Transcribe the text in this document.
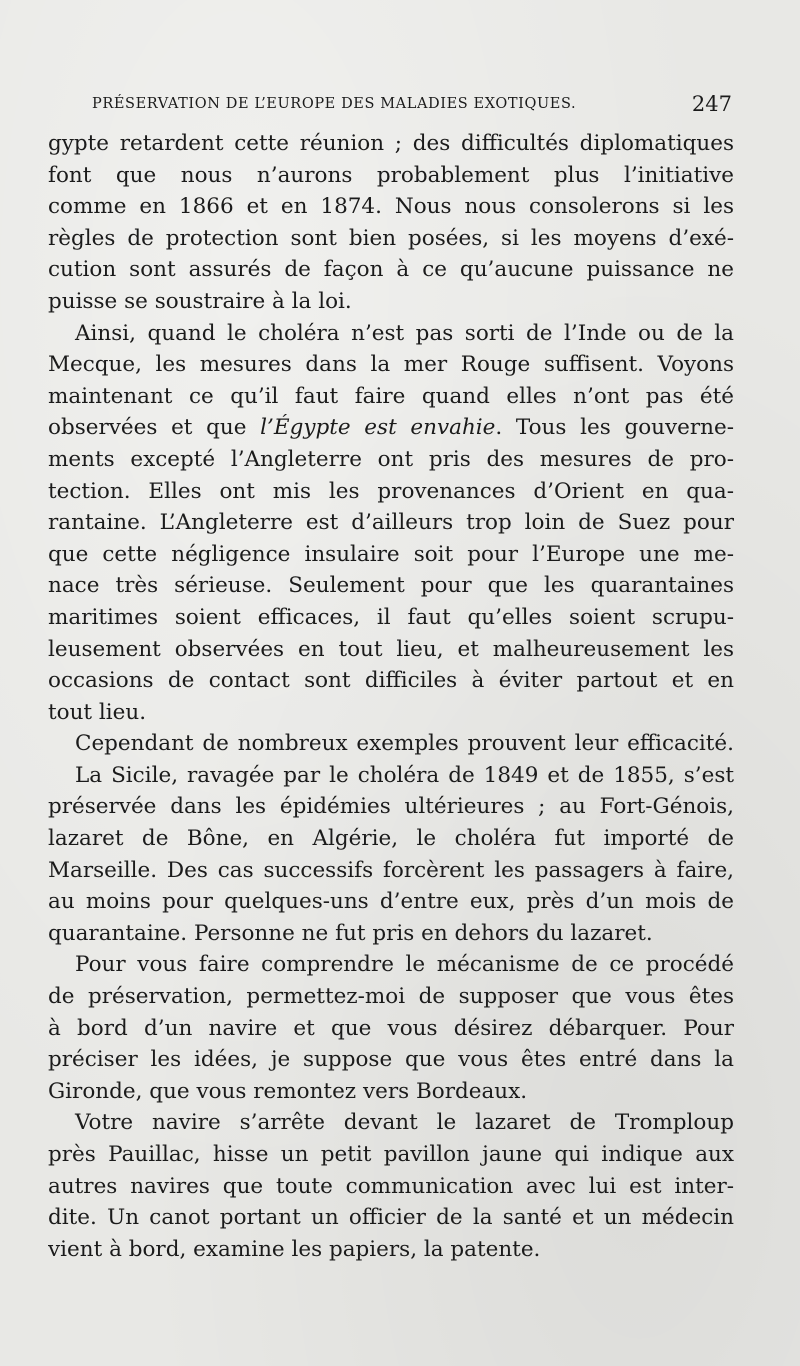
PRÉSERVATION DE L’EUROPE DES MALADIES EXOTIQUES.	247
gypte retardent cette réunion ; des difficultés diplomatiques
font que nous n’aurons probablement plus l’initiative
comme en 1866 et en 1874. Nous nous consolerons si les
règles de protection sont bien posées, si les moyens d’exé-
cution sont assurés de façon à ce qu’aucune puissance ne
puisse se soustraire à la loi.
Ainsi, quand le choléra n’est pas sorti de l’Inde ou de la
Mecque, les mesures dans la mer Rouge suffisent. Voyons
maintenant ce qu’il faut faire quand elles n’ont pas été
observées et que l’Égypte est envahie. Tous les gouverne-
ments excepté l’Angleterre ont pris des mesures de pro-
tection. Elles ont mis les provenances d’Orient en qua-
rantaine. L’Angleterre est d’ailleurs trop loin de Suez pour
que cette négligence insulaire soit pour l’Europe une me-
nace très sérieuse. Seulement pour que les quarantaines
maritimes soient efficaces, il faut qu’elles soient scrupu-
leusement observées en tout lieu, et malheureusement les
occasions de contact sont difficiles à éviter partout et en
tout lieu.
Cependant de nombreux exemples prouvent leur efficacité.
La Sicile, ravagée par le choléra de 1849 et de 1855, s’est
préservée dans les épidémies ultérieures ; au Fort-Génois,
lazaret de Bône, en Algérie, le choléra fut importé de
Marseille. Des cas successifs forcèrent les passagers à faire,
au moins pour quelques-uns d’entre eux, près d’un mois de
quarantaine. Personne ne fut pris en dehors du lazaret.
Pour vous faire comprendre le mécanisme de ce procédé
de préservation, permettez-moi de supposer que vous êtes
à bord d’un navire et que vous désirez débarquer. Pour
préciser les idées, je suppose que vous êtes entré dans la
Gironde, que vous remontez vers Bordeaux.
Votre navire s’arrête devant le lazaret de Tromploup
près Pauillac, hisse un petit pavillon jaune qui indique aux
autres navires que toute communication avec lui est inter-
dite. Un canot portant un officier de la santé et un médecin
vient à bord, examine les papiers, la patente.
